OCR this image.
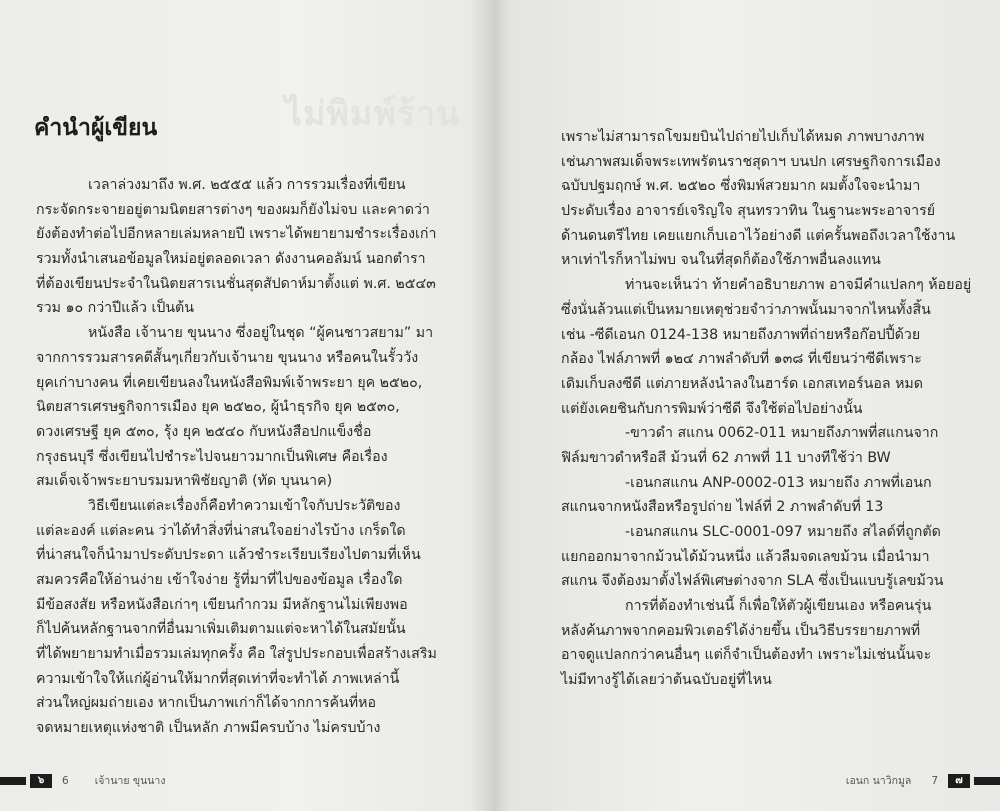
ไม่พิมพ์ร้าน
คำนำผู้เขียน
เวลาล่วงมาถึง พ.ศ. ๒๕๕๕ แล้ว การรวมเรื่องที่เขียน
กระจัดกระจายอยู่ตามนิตยสารต่างๆ ของผมก็ยังไม่จบ และคาดว่า
ยังต้องทำต่อไปอีกหลายเล่มหลายปี เพราะได้พยายามชำระเรื่องเก่า
รวมทั้งนำเสนอข้อมูลใหม่อยู่ตลอดเวลา ดังงานคอลัมน์ นอกตำรา
ที่ต้องเขียนประจำในนิตยสารเนชั่นสุดสัปดาห์มาตั้งแต่ พ.ศ. ๒๕๔๓
รวม ๑๐ กว่าปีแล้ว เป็นต้น
หนังสือ เจ้านาย ขุนนาง ซึ่งอยู่ในชุด “ผู้คนชาวสยาม” มา
จากการรวมสารคดีสั้นๆเกี่ยวกับเจ้านาย ขุนนาง หรือคนในรั้ววัง
ยุคเก่าบางคน ที่เคยเขียนลงในหนังสือพิมพ์เจ้าพระยา ยุค ๒๕๒๐,
นิตยสารเศรษฐกิจการเมือง ยุค ๒๕๒๐, ผู้นำธุรกิจ ยุค ๒๕๓๐,
ดวงเศรษฐี ยุค ๕๓๐, รุ้ง ยุค ๒๕๔๐ กับหนังสือปกแข็งชื่อ
กรุงธนบุรี ซึ่งเขียนไปชำระไปจนยาวมากเป็นพิเศษ คือเรื่อง
สมเด็จเจ้าพระยาบรมมหาพิชัยญาติ (ทัด บุนนาค)
วิธีเขียนแต่ละเรื่องก็คือทำความเข้าใจกับประวัติของ
แต่ละองค์ แต่ละคน ว่าได้ทำสิ่งที่น่าสนใจอย่างไรบ้าง เกร็ดใด
ที่น่าสนใจก็นำมาประดับประดา แล้วชำระเรียบเรียงไปตามที่เห็น
สมควรคือให้อ่านง่าย เข้าใจง่าย รู้ที่มาที่ไปของข้อมูล เรื่องใด
มีข้อสงสัย หรือหนังสือเก่าๆ เขียนกำกวม มีหลักฐานไม่เพียงพอ
ก็ไปค้นหลักฐานจากที่อื่นมาเพิ่มเติมตามแต่จะหาได้ในสมัยนั้น
ที่ได้พยายามทำเมื่อรวมเล่มทุกครั้ง คือ ใส่รูปประกอบเพื่อสร้างเสริม
ความเข้าใจให้แก่ผู้อ่านให้มากที่สุดเท่าที่จะทำได้ ภาพเหล่านี้
ส่วนใหญ่ผมถ่ายเอง หากเป็นภาพเก่าก็ได้จากการค้นที่หอ
จดหมายเหตุแห่งชาติ เป็นหลัก ภาพมีครบบ้าง ไม่ครบบ้าง
๖	6 เจ้านาย ขุนนาง
เพราะไม่สามารถโขมยบินไปถ่ายไปเก็บได้หมด ภาพบางภาพ
เช่นภาพสมเด็จพระเทพรัตนราชสุดาฯ บนปก เศรษฐกิจการเมือง
ฉบับปฐมฤกษ์ พ.ศ. ๒๕๒๐ ซึ่งพิมพ์สวยมาก ผมตั้งใจจะนำมา
ประดับเรื่อง อาจารย์เจริญใจ สุนทรวาทิน ในฐานะพระอาจารย์
ด้านดนตรีไทย เคยแยกเก็บเอาไว้อย่างดี แต่ครั้นพอถึงเวลาใช้งาน
หาเท่าไรก็หาไม่พบ จนในที่สุดก็ต้องใช้ภาพอื่นลงแทน
ท่านจะเห็นว่า ท้ายคำอธิบายภาพ อาจมีคำแปลกๆ ห้อยอยู่
ซึ่งนั่นล้วนแต่เป็นหมายเหตุช่วยจำว่าภาพนั้นมาจากไหนทั้งสิ้น
เช่น -ซีดีเอนก 0124-138 หมายถึงภาพที่ถ่ายหรือก๊อปปี้ด้วย
กล้อง ไฟล์ภาพที่ ๑๒๔ ภาพลำดับที่ ๑๓๘ ที่เขียนว่าซีดีเพราะ
เดิมเก็บลงซีดี แต่ภายหลังนำลงในฮาร์ด เอกสเทอร์นอล หมด
แต่ยังเคยชินกับการพิมพ์ว่าซีดี จึงใช้ต่อไปอย่างนั้น
-ขาวดำ สแกน 0062-011 หมายถึงภาพที่สแกนจาก
ฟิล์มขาวดำหรือสี ม้วนที่ 62 ภาพที่ 11 บางทีใช้ว่า BW
-เอนกสแกน ANP-0002-013 หมายถึง ภาพที่เอนก
สแกนจากหนังสือหรือรูปถ่าย ไฟล์ที่ 2 ภาพลำดับที่ 13
-เอนกสแกน SLC-0001-097 หมายถึง สไลด์ที่ถูกตัด
แยกออกมาจากม้วนได้ม้วนหนึ่ง แล้วลืมจดเลขม้วน เมื่อนำมา
สแกน จึงต้องมาตั้งไฟล์พิเศษต่างจาก SLA ซึ่งเป็นแบบรู้เลขม้วน
การที่ต้องทำเช่นนี้ ก็เพื่อให้ตัวผู้เขียนเอง หรือคนรุ่น
หลังค้นภาพจากคอมพิวเตอร์ได้ง่ายขึ้น เป็นวิธีบรรยายภาพที่
อาจดูแปลกกว่าคนอื่นๆ แต่ก็จำเป็นต้องทำ เพราะไม่เช่นนั้นจะ
ไม่มีทางรู้ได้เลยว่าต้นฉบับอยู่ที่ไหน
เอนก นาวิกมูล 7	๗
